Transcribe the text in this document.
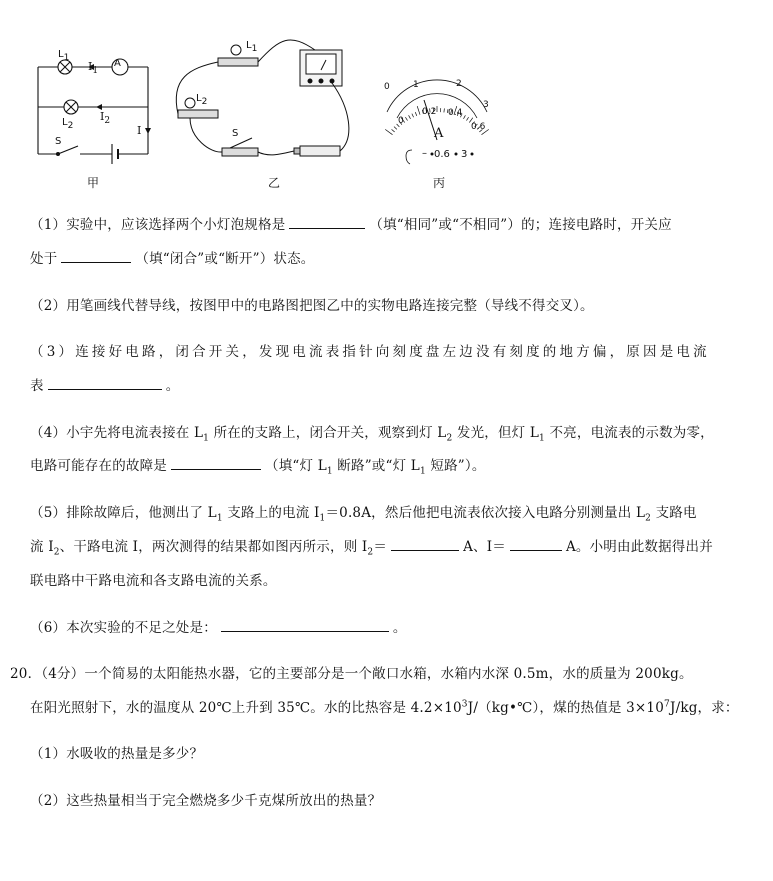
$L_1$
$I_1$
A
$L_2$
$I_2$
I
S
甲
$L_1$
$L_2$
S
乙
0	1	2
3
0
0.2 0.4
0.6
A
– 0.6 3
丙
（1）实验中，应该选择两个小灯泡规格是	（填“相同”或“不相同”）的；连接电路时，开关应
处于	（填“闭合”或“断开”）状态。
（2）用笔画线代替导线，按图甲中的电路图把图乙中的实物电路连接完整（导线不得交叉）。
（3）连接好电路，闭合开关，发现电流表指针向刻度盘左边没有刻度的地方偏，原因是电流
表	。
（4）小宇先将电流表接在 $L_1$ 所在的支路上，闭合开关，观察到灯 $L_2$ 发光，但灯 $L_1$ 不亮，电流表的示数为零，
电路可能存在的故障是	（填“灯 $L_1$ 断路”或“灯 $L_1$ 短路”）。
（5）排除故障后，他测出了 $L_1$ 支路上的电流 $I_1=0.8A$，然后他把电流表依次接入电路分别测量出 $L_2$ 支路电
流 $I_2$、干路电流 I，两次测得的结果都如图丙所示，则 $I_2=$	A、I＝	A。小明由此数据得出并
联电路中干路电流和各支路电流的关系。
（6）本次实验的不足之处是：	。
20．（4分）一个简易的太阳能热水器，它的主要部分是一个敞口水箱，水箱内水深 0.5m，水的质量为 200kg。
在阳光照射下，水的温度从 20℃上升到 35℃。水的比热容是 $4.2\times 10^3J/(kg•℃)$，煤的热值是 $3\times 10^7J/kg$，求：
（1）水吸收的热量是多少？
（2）这些热量相当于完全燃烧多少千克煤所放出的热量？
